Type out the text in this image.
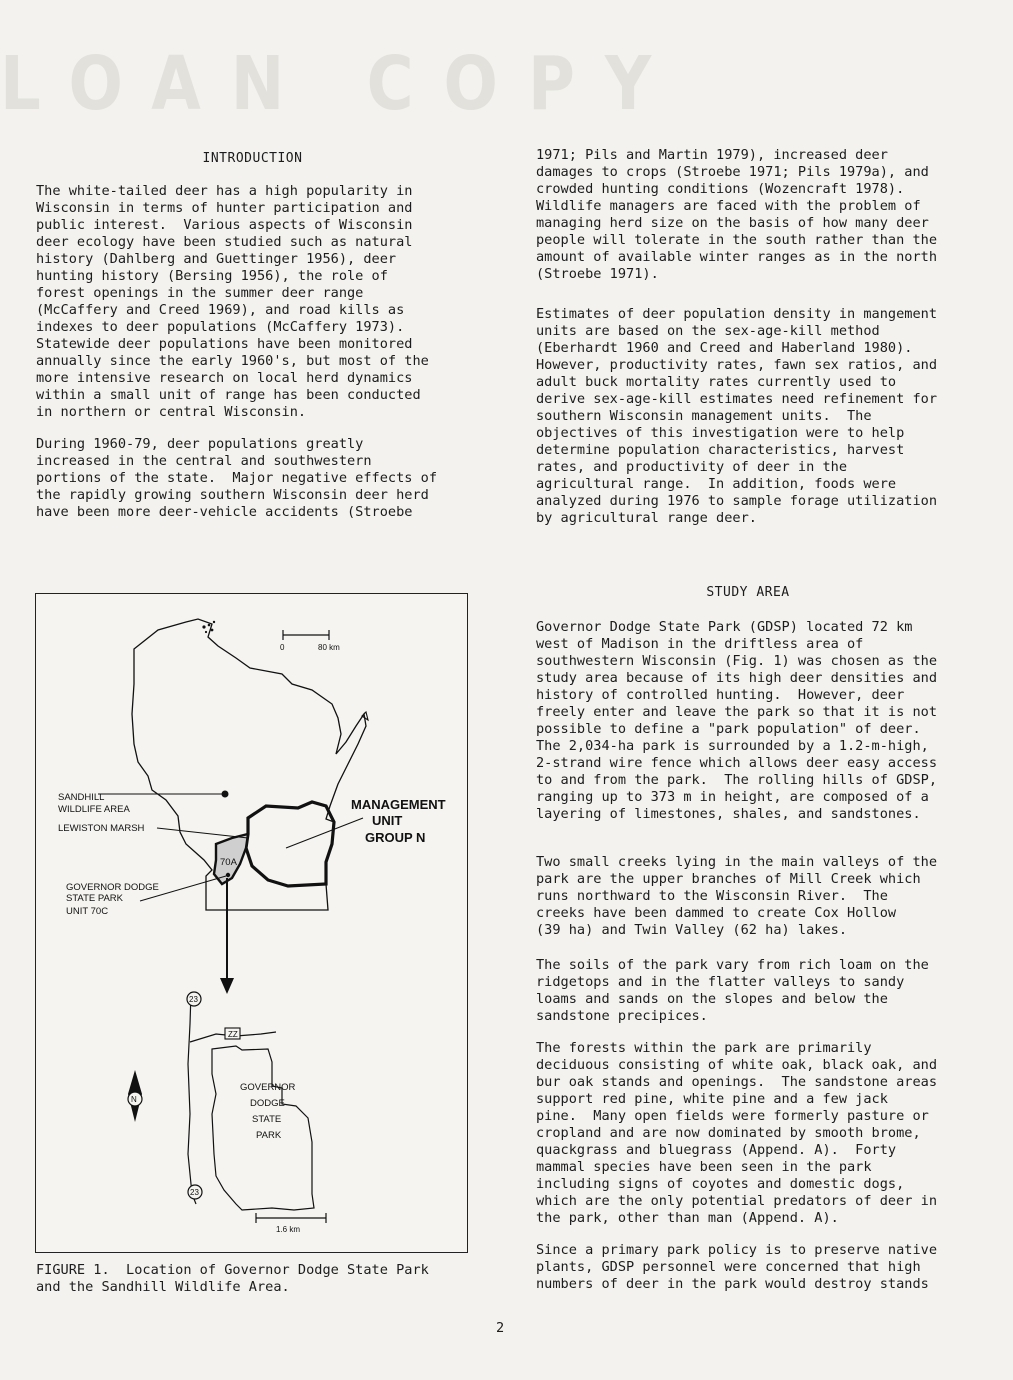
LOAN COPY

INTRODUCTION

The white-tailed deer has a high popularity in
Wisconsin in terms of hunter participation and
public interest.  Various aspects of Wisconsin
deer ecology have been studied such as natural
history (Dahlberg and Guettinger 1956), deer
hunting history (Bersing 1956), the role of
forest openings in the summer deer range
(McCaffery and Creed 1969), and road kills as
indexes to deer populations (McCaffery 1973).
Statewide deer populations have been monitored
annually since the early 1960's, but most of the
more intensive research on local herd dynamics
within a small unit of range has been conducted
in northern or central Wisconsin.

During 1960-79, deer populations greatly
increased in the central and southwestern
portions of the state.  Major negative effects of
the rapidly growing southern Wisconsin deer herd
have been more deer-vehicle accidents (Stroebe

1971; Pils and Martin 1979), increased deer
damages to crops (Stroebe 1971; Pils 1979a), and
crowded hunting conditions (Wozencraft 1978).
Wildlife managers are faced with the problem of
managing herd size on the basis of how many deer
people will tolerate in the south rather than the
amount of available winter ranges as in the north
(Stroebe 1971).

Estimates of deer population density in mangement
units are based on the sex-age-kill method
(Eberhardt 1960 and Creed and Haberland 1980).
However, productivity rates, fawn sex ratios, and
adult buck mortality rates currently used to
derive sex-age-kill estimates need refinement for
southern Wisconsin management units.  The
objectives of this investigation were to help
determine population characteristics, harvest
rates, and productivity of deer in the
agricultural range.  In addition, foods were
analyzed during 1976 to sample forage utilization
by agricultural range deer.

STUDY AREA

Governor Dodge State Park (GDSP) located 72 km
west of Madison in the driftless area of
southwestern Wisconsin (Fig. 1) was chosen as the
study area because of its high deer densities and
history of controlled hunting.  However, deer
freely enter and leave the park so that it is not
possible to define a "park population" of deer.
The 2,034-ha park is surrounded by a 1.2-m-high,
2-strand wire fence which allows deer easy access
to and from the park.  The rolling hills of GDSP,
ranging up to 373 m in height, are composed of a
layering of limestones, shales, and sandstones.

Two small creeks lying in the main valleys of the
park are the upper branches of Mill Creek which
runs northward to the Wisconsin River.  The
creeks have been dammed to create Cox Hollow
(39 ha) and Twin Valley (62 ha) lakes.

The soils of the park vary from rich loam on the
ridgetops and in the flatter valleys to sandy
loams and sands on the slopes and below the
sandstone precipices.

The forests within the park are primarily
deciduous consisting of white oak, black oak, and
bur oak stands and openings.  The sandstone areas
support red pine, white pine and a few jack
pine.  Many open fields were formerly pasture or
cropland and are now dominated by smooth brome,
quackgrass and bluegrass (Append. A).  Forty
mammal species have been seen in the park
including signs of coyotes and domestic dogs,
which are the only potential predators of deer in
the park, other than man (Append. A).

Since a primary park policy is to preserve native
plants, GDSP personnel were concerned that high
numbers of deer in the park would destroy stands

70A
0	80 km
SANDHILL
WILDLIFE AREA
LEWISTON MARSH
GOVERNOR DODGE
STATE PARK
UNIT 70C
MANAGEMENT
UNIT
GROUP N
23
23
ZZ
GOVERNOR
DODGE
STATE
PARK
N
1.6 km

FIGURE 1.  Location of Governor Dodge State Park
and the Sandhill Wildlife Area.

2
